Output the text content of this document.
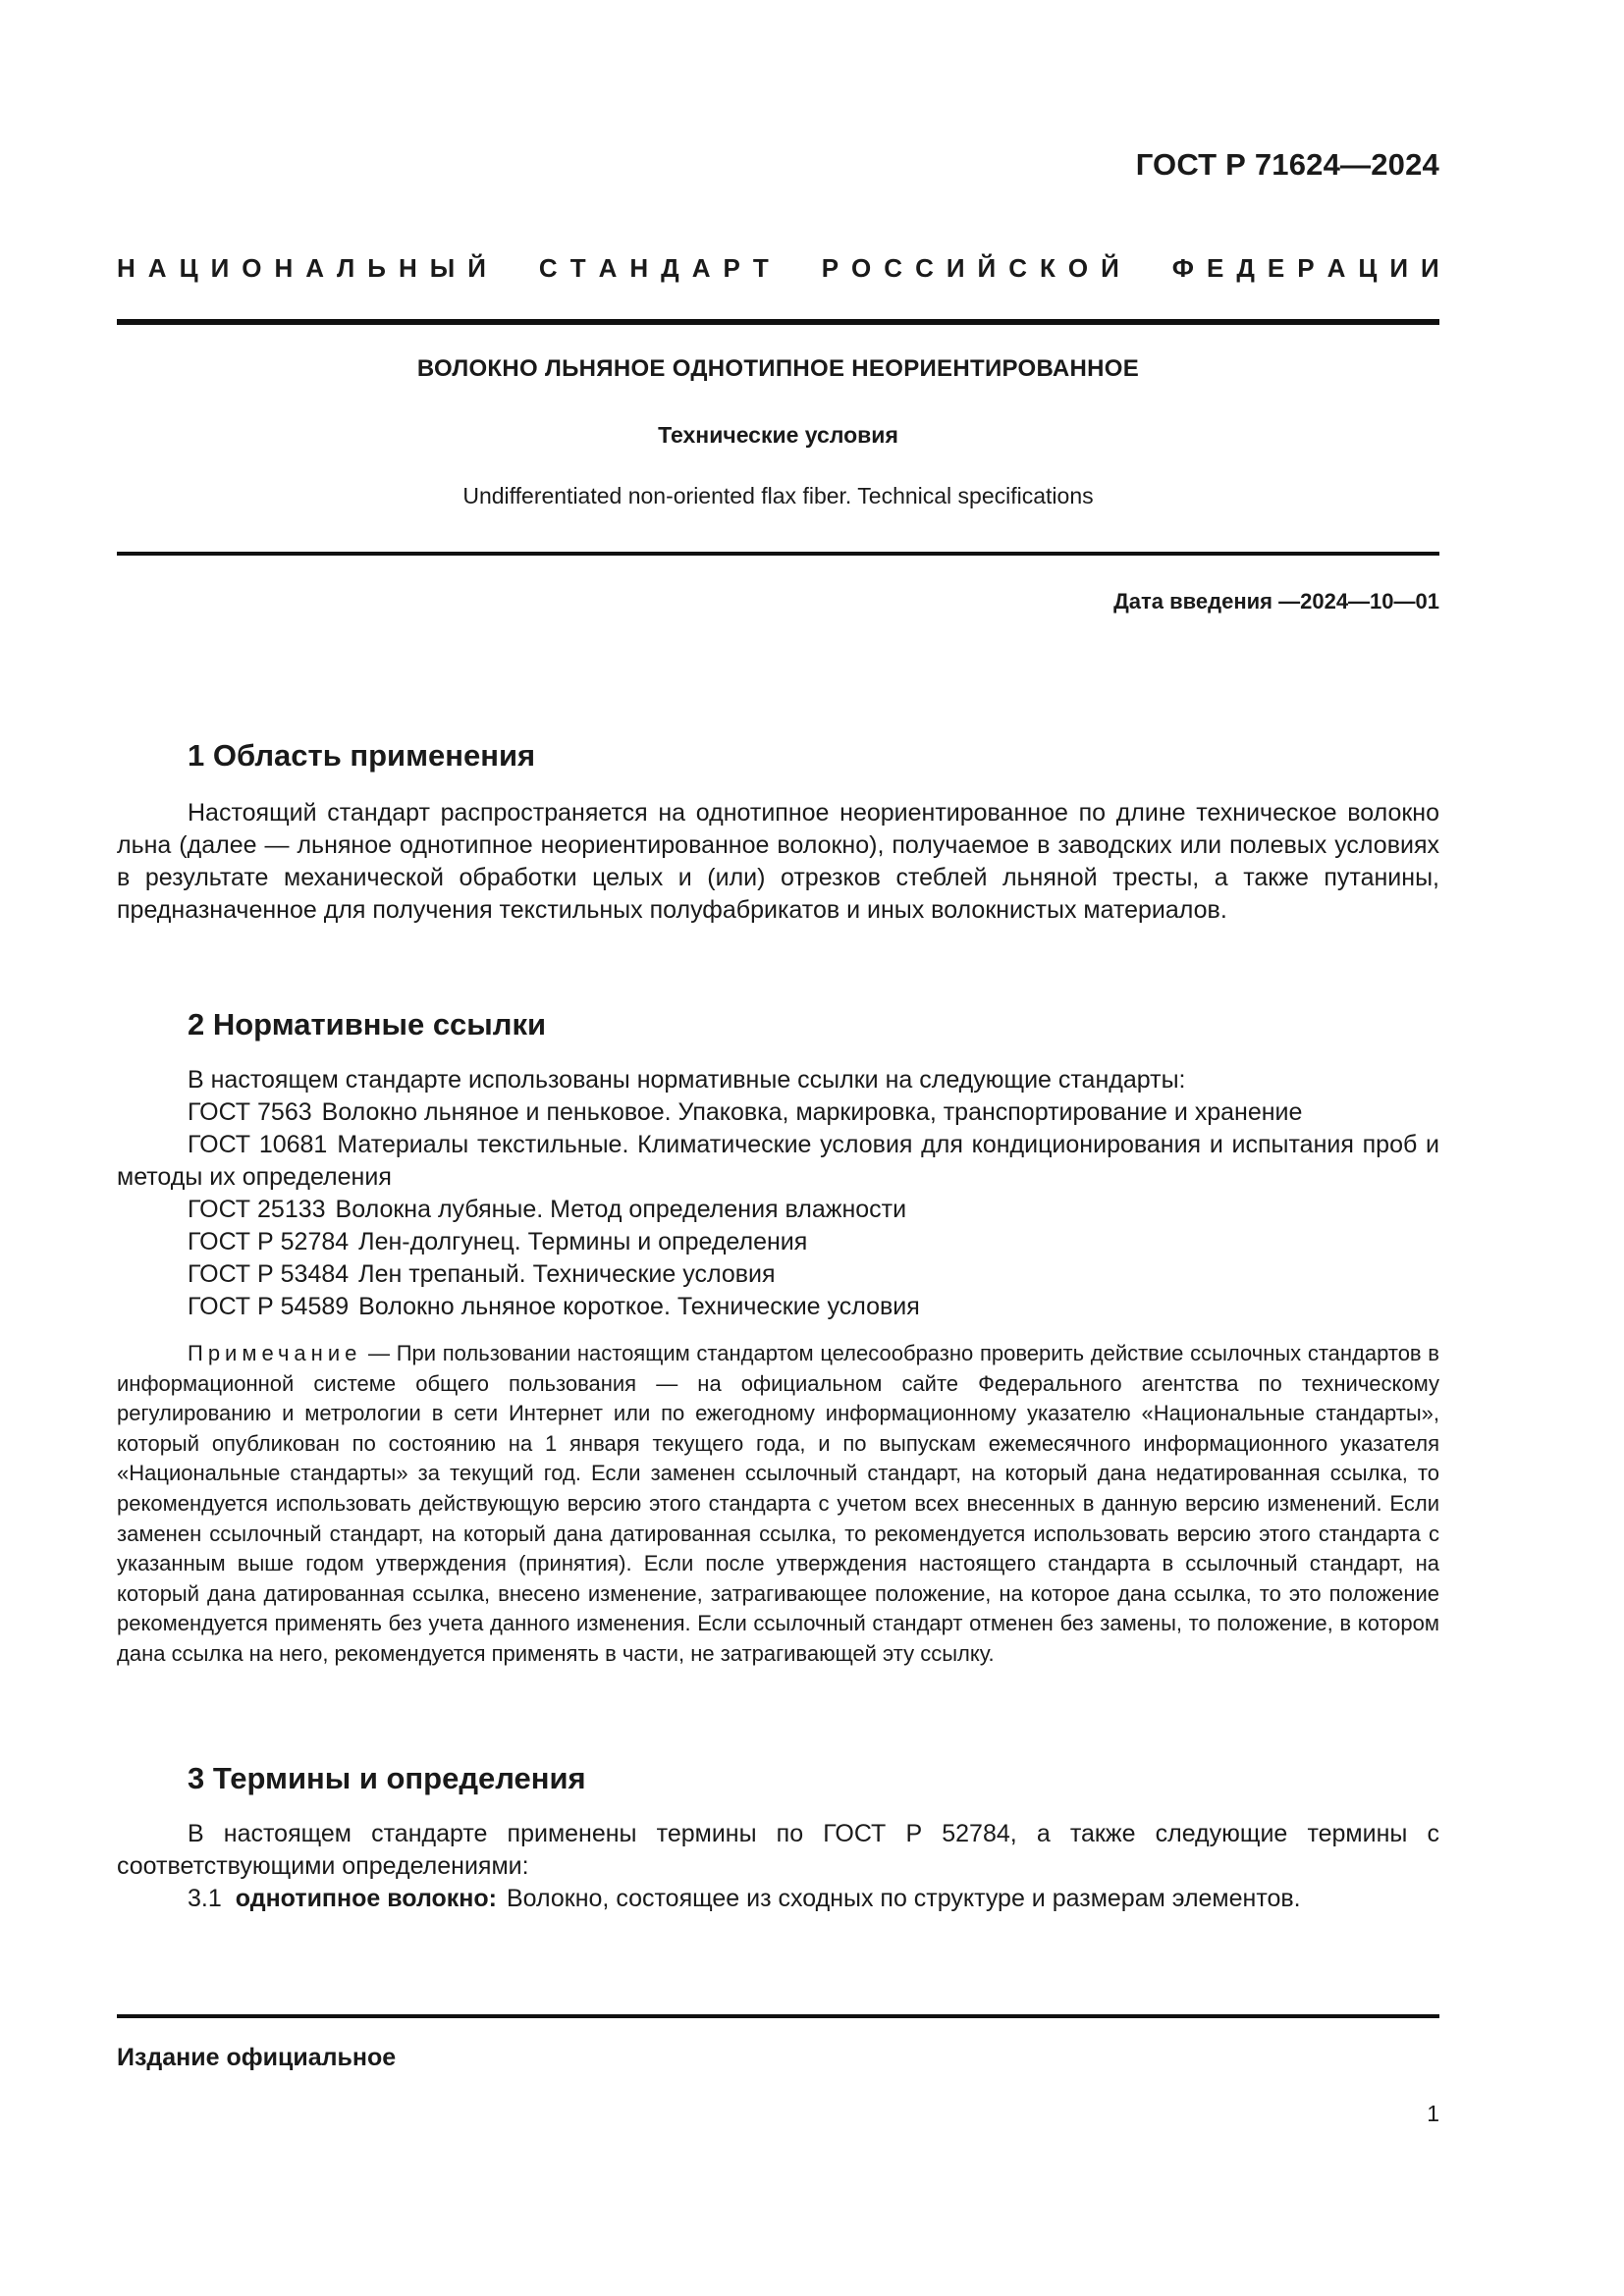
ГОСТ Р 71624—2024
Н А Ц И О Н А Л Ь Н Ы Й С Т А Н Д А Р Т Р О С С И Й С К О Й Ф Е Д Е Р А Ц И И
ВОЛОКНО ЛЬНЯНОЕ ОДНОТИПНОЕ НЕОРИЕНТИРОВАННОЕ
Технические условия
Undifferentiated non-oriented flax fiber. Technical specifications
Дата введения —2024—10—01
1 Область применения
Настоящий стандарт распространяется на однотипное неориентированное по длине техническое волокно льна (далее — льняное однотипное неориентированное волокно), получаемое в заводских или полевых условиях в результате механической обработки целых и (или) отрезков стеблей льняной тресты, а также путанины, предназначенное для получения текстильных полуфабрикатов и иных волокнистых материалов.
2 Нормативные ссылки
В настоящем стандарте использованы нормативные ссылки на следующие стандарты:
ГОСТ 7563 Волокно льняное и пеньковое. Упаковка, маркировка, транспортирование и хранение
ГОСТ 10681 Материалы текстильные. Климатические условия для кондиционирования и испытания проб и методы их определения
ГОСТ 25133 Волокна лубяные. Метод определения влажности
ГОСТ Р 52784 Лен-долгунец. Термины и определения
ГОСТ Р 53484 Лен трепаный. Технические условия
ГОСТ Р 54589 Волокно льняное короткое. Технические условия
Примечание — При пользовании настоящим стандартом целесообразно проверить действие ссылочных стандартов в информационной системе общего пользования — на официальном сайте Федерального агентства по техническому регулированию и метрологии в сети Интернет или по ежегодному информационному указателю «Национальные стандарты», который опубликован по состоянию на 1 января текущего года, и по выпускам ежемесячного информационного указателя «Национальные стандарты» за текущий год. Если заменен ссылочный стандарт, на который дана недатированная ссылка, то рекомендуется использовать действующую версию этого стандарта с учетом всех внесенных в данную версию изменений. Если заменен ссылочный стандарт, на который дана датированная ссылка, то рекомендуется использовать версию этого стандарта с указанным выше годом утверждения (принятия). Если после утверждения настоящего стандарта в ссылочный стандарт, на который дана датированная ссылка, внесено изменение, затрагивающее положение, на которое дана ссылка, то это положение рекомендуется применять без учета данного изменения. Если ссылочный стандарт отменен без замены, то положение, в котором дана ссылка на него, рекомендуется применять в части, не затрагивающей эту ссылку.
3 Термины и определения
В настоящем стандарте применены термины по ГОСТ Р 52784, а также следующие термины с соответствующими определениями:
3.1 однотипное волокно: Волокно, состоящее из сходных по структуре и размерам элементов.
Издание официальное
1
